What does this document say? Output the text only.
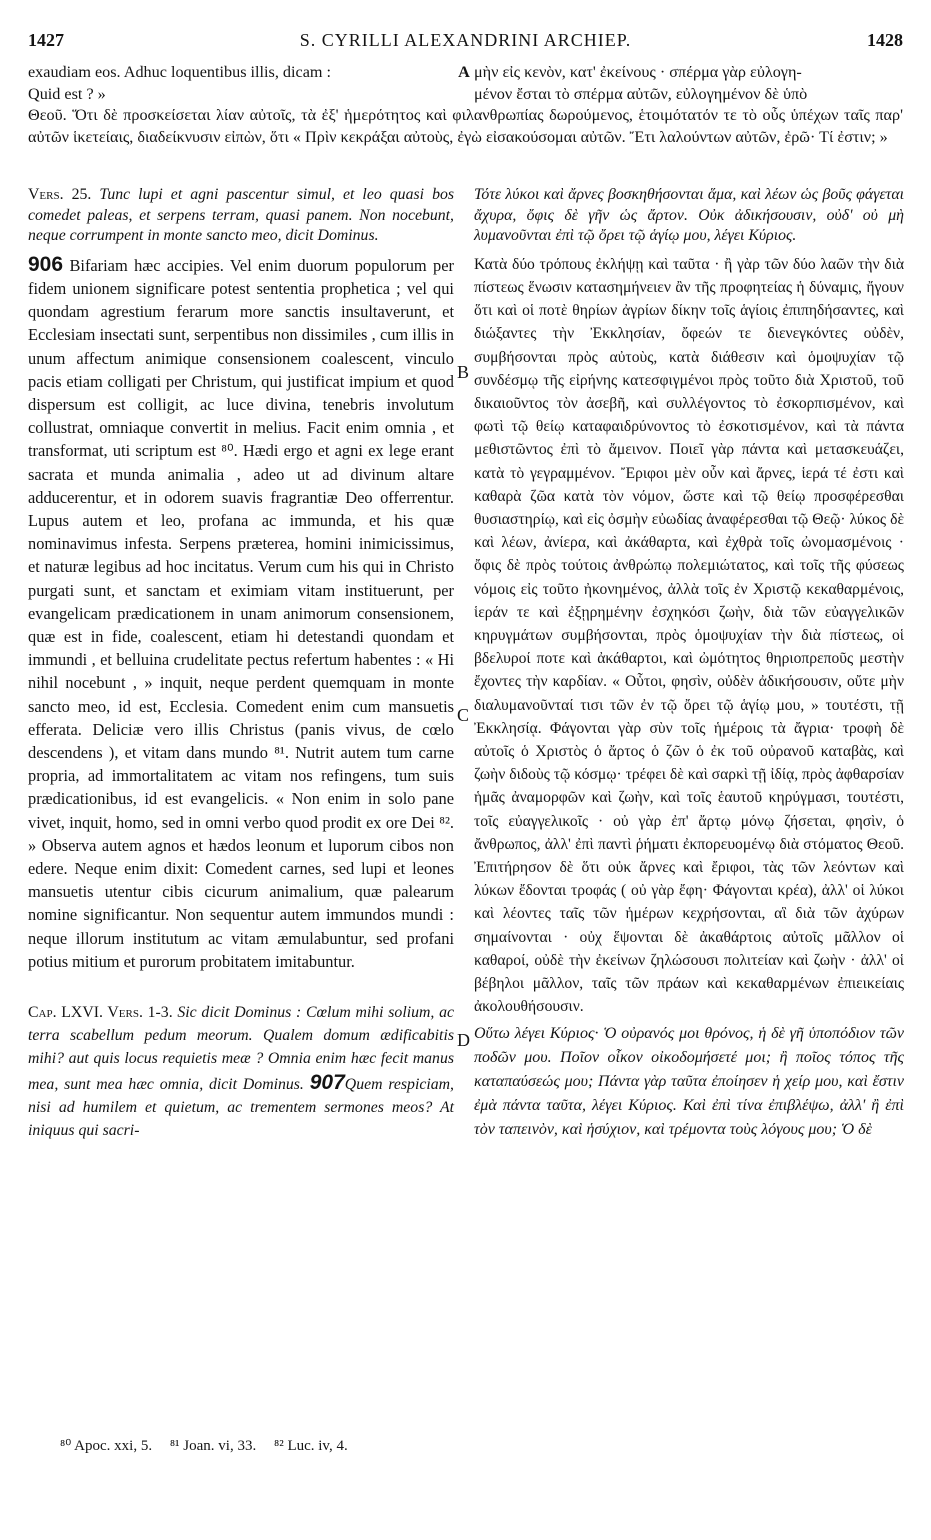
1427	S. CYRILLI ALEXANDRINI ARCHIEP.	1428
exaudiam eos. Adhuc loquentibus illis, dicam :	A μὴν εἰς κενὸν, κατ' ἐκείνους · σπέρμα γὰρ εὐλογη-
Quid est ? »	μένον ἔσται τὸ σπέρμα αὐτῶν, εὐλογημένον δὲ ὑπὸ
Θεοῦ. Ὅτι δὲ προσκείσεται λίαν αὐτοῖς, τὰ ἐξ' ἡμερότητος καὶ φιλανθρωπίας δωρούμενος, ἑτοιμότατόν τε τὸ οὖς ὑπέχων ταῖς παρ' αὐτῶν ἱκετείαις, διαδείκνυσιν εἰπὼν, ὅτι « Πρὶν κεκράξαι αὐτοὺς, ἐγὼ εἰσακούσομαι αὐτῶν. Ἔτι λαλούντων αὐτῶν, ἐρῶ· Τί ἐστιν; »

Vers. 25. Tunc lupi et agni pascentur simul, et leo quasi bos comedet paleas, et serpens terram, quasi panem. Non nocebunt, neque corrumpent in monte sancto meo, dicit Dominus.

906 Bifariam hæc accipies. Vel enim duorum populorum per fidem unionem significare potest sententia prophetica ; vel qui quondam agrestium ferarum more sanctis insultaverunt, et Ecclesiam insectati sunt, serpentibus non dissimiles , cum illis in unum affectum animique consensionem coalescent, vinculo pacis etiam colligati per Christum, qui justificat impium et quod dispersum est colligit, ac luce divina, tenebris involutum collustrat, omniaque convertit in melius. Facit enim omnia , et transformat, uti scriptum est ⁸⁰. Hædi ergo et agni ex lege erant sacrata et munda animalia , adeo ut ad divinum altare adducerentur, et in odorem suavis fragrantiæ Deo offerrentur. Lupus autem et leo, profana ac immunda, et his quæ nominavimus infesta. Serpens præterea, homini inimicissimus, et naturæ legibus ad hoc incitatus. Verum cum his qui in Christo purgati sunt, et sanctam et eximiam vitam instituerunt, per evangelicam prædicationem in unam animorum consensionem, quæ est in fide, coalescent, etiam hi detestandi quondam et immundi , et belluina crudelitate pectus refertum habentes : « Hi nihil nocebunt , » inquit, neque perdent quemquam in monte sancto meo, id est, Ecclesia. Comedent enim cum mansuetis efferata. Deliciæ vero illis Christus (panis vivus, de cœlo descendens ), et vitam dans mundo ⁸¹. Nutrit autem tum carne propria, ad immortalitatem ac vitam nos refingens, tum suis prædicationibus, id est evangelicis. « Non enim in solo pane vivet, inquit, homo, sed in omni verbo quod prodit ex ore Dei ⁸². » Observa autem agnos et hædos leonum et luporum cibos non edere. Neque enim dixit: Comedent carnes, sed lupi et leones mansuetis utentur cibis cicurum animalium, quæ palearum nomine significantur. Non sequentur autem immundos mundi : neque illorum institutum ac vitam æmulabuntur, sed profani potius mitium et purorum probitatem imitabuntur.

Cap. LXVI. Vers. 1-3. Sic dicit Dominus : Cœlum mihi solium, ac terra scabellum pedum meorum. Qualem domum ædificabitis mihi? aut quis locus requietis meæ ? Omnia enim hæc fecit manus mea, sunt mea hæc omnia, dicit Dominus. 907Quem respiciam, nisi ad humilem et quietum, ac trementem sermones meos? At iniquus qui sacri-

B
C
D

Τότε λύκοι καὶ ἄρνες βοσκηθήσονται ἅμα, καὶ λέων ὡς βοῦς φάγεται ἄχυρα, ὄφις δὲ γῆν ὡς ἄρτον. Οὐκ ἀδικήσουσιν, οὐδ' οὐ μὴ λυμανοῦνται ἐπὶ τῷ ὄρει τῷ ἁγίῳ μου, λέγει Κύριος.

Κατὰ δύο τρόπους ἐκλήψῃ καὶ ταῦτα · ἢ γὰρ τῶν δύο λαῶν τὴν διὰ πίστεως ἕνωσιν κατασημήνειεν ἂν τῆς προφητείας ἡ δύναμις, ἤγουν ὅτι καὶ οἱ ποτὲ θηρίων ἀγρίων δίκην τοῖς ἁγίοις ἐπιπηδήσαντες, καὶ διώξαντες τὴν Ἐκκλησίαν, ὄφεών τε διενεγκόντες οὐδὲν, συμβήσονται πρὸς αὐτοὺς, κατὰ διάθεσιν καὶ ὁμοψυχίαν τῷ συνδέσμῳ τῆς εἰρήνης κατεσφιγμένοι πρὸς τοῦτο διὰ Χριστοῦ, τοῦ δικαιοῦντος τὸν ἀσεβῆ, καὶ συλλέγοντος τὸ ἐσκορπισμένον, καὶ φωτὶ τῷ θείῳ καταφαιδρύνοντος τὸ ἐσκοτισμένον, καὶ τὰ πάντα μεθιστῶντος ἐπὶ τὸ ἄμεινον. Ποιεῖ γὰρ πάντα καὶ μετασκευάζει, κατὰ τὸ γεγραμμένον. Ἔριφοι μὲν οὖν καὶ ἄρνες, ἱερά τέ ἐστι καὶ καθαρὰ ζῶα κατὰ τὸν νόμον, ὥστε καὶ τῷ θείῳ προσφέρεσθαι θυσιαστηρίῳ, καὶ εἰς ὀσμὴν εὐωδίας ἀναφέρεσθαι τῷ Θεῷ· λύκος δὲ καὶ λέων, ἀνίερα, καὶ ἀκάθαρτα, καὶ ἐχθρὰ τοῖς ὠνομασμένοις · ὄφις δὲ πρὸς τούτοις ἀνθρώπῳ πολεμιώτατος, καὶ τοῖς τῆς φύσεως νόμοις εἰς τοῦτο ἠκονημένος, ἀλλὰ τοῖς ἐν Χριστῷ κεκαθαρμένοις, ἱεράν τε καὶ ἐξῃρημένην ἐσχηκόσι ζωὴν, διὰ τῶν εὐαγγελικῶν κηρυγμάτων συμβήσονται, πρὸς ὁμοψυχίαν τὴν διὰ πίστεως, οἱ βδελυροί ποτε καὶ ἀκάθαρτοι, καὶ ὠμότητος θηριοπρεποῦς μεστὴν ἔχοντες τὴν καρδίαν. « Οὗτοι, φησὶν, οὐδὲν ἀδικήσουσιν, οὔτε μὴν διαλυμανοῦνταί τισι τῶν ἐν τῷ ὄρει τῷ ἁγίῳ μου, » τουτέστι, τῇ Ἐκκλησίᾳ. Φάγονται γὰρ σὺν τοῖς ἡμέροις τὰ ἄγρια· τροφὴ δὲ αὐτοῖς ὁ Χριστὸς ὁ ἄρτος ὁ ζῶν ὁ ἐκ τοῦ οὐρανοῦ καταβὰς, καὶ ζωὴν διδοὺς τῷ κόσμῳ· τρέφει δὲ καὶ σαρκὶ τῇ ἰδίᾳ, πρὸς ἀφθαρσίαν ἡμᾶς ἀναμορφῶν καὶ ζωὴν, καὶ τοῖς ἑαυτοῦ κηρύγμασι, τουτέστι, τοῖς εὐαγγελικοῖς · οὐ γὰρ ἐπ' ἄρτῳ μόνῳ ζήσεται, φησὶν, ὁ ἄνθρωπος, ἀλλ' ἐπὶ παντὶ ῥήματι ἐκπορευομένῳ διὰ στόματος Θεοῦ. Ἐπιτήρησον δὲ ὅτι οὐκ ἄρνες καὶ ἔριφοι, τὰς τῶν λεόντων καὶ λύκων ἔδονται τροφάς ( οὐ γὰρ ἔφη· Φάγονται κρέα), ἀλλ' οἱ λύκοι καὶ λέοντες ταῖς τῶν ἡμέρων κεχρήσονται, αἳ διὰ τῶν ἀχύρων σημαίνονται · οὐχ ἕψονται δὲ ἀκαθάρτοις αὐτοῖς μᾶλλον οἱ καθαροί, οὐδὲ τὴν ἐκείνων ζηλώσουσι πολιτείαν καὶ ζωὴν · ἀλλ' οἱ βέβηλοι μᾶλλον, ταῖς τῶν πράων καὶ κεκαθαρμένων ἐπιεικείαις ἀκολουθήσουσιν.

Οὕτω λέγει Κύριος· Ὁ οὐρανός μοι θρόνος, ἡ δὲ γῆ ὑποπόδιον τῶν ποδῶν μου. Ποῖον οἶκον οἰκοδομήσετέ μοι; ἢ ποῖος τόπος τῆς καταπαύσεώς μου; Πάντα γὰρ ταῦτα ἐποίησεν ἡ χείρ μου, καὶ ἔστιν ἐμὰ πάντα ταῦτα, λέγει Κύριος. Καὶ ἐπὶ τίνα ἐπιβλέψω, ἀλλ' ἢ ἐπὶ τὸν ταπεινὸν, καὶ ἡσύχιον, καὶ τρέμοντα τοὺς λόγους μου; Ὁ δὲ

⁸⁰ Apoc. xxi, 5. ⁸¹ Joan. vi, 33. ⁸² Luc. iv, 4.
